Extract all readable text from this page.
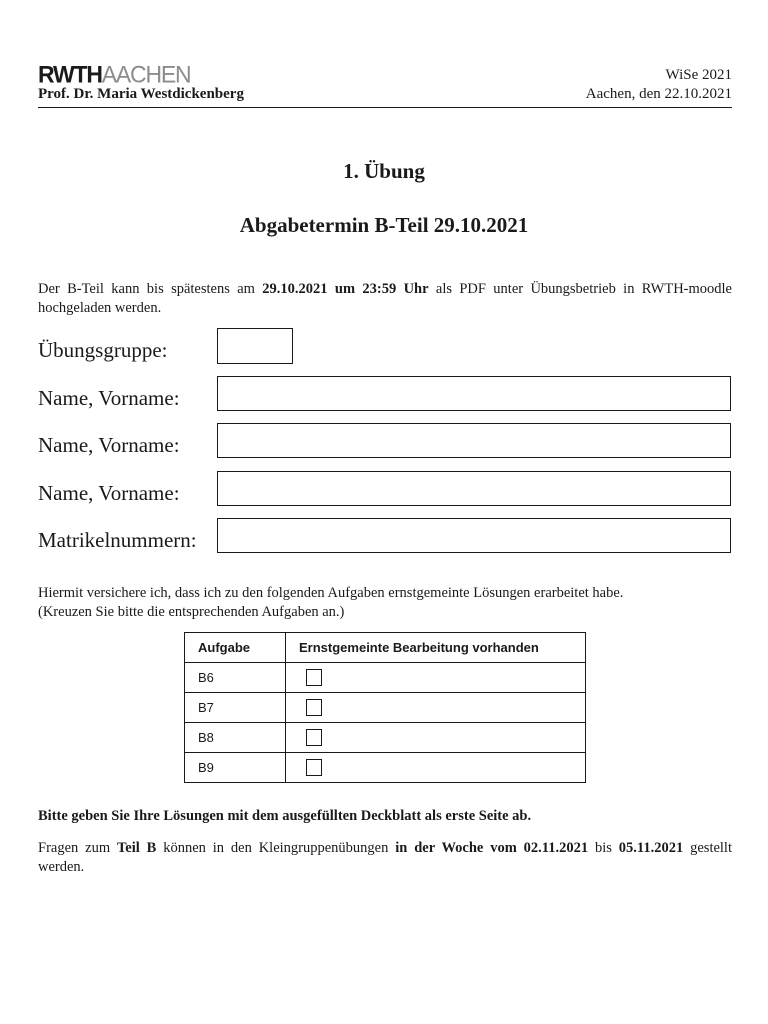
RWTHAACHEN
Prof. Dr. Maria Westdickenberg
WiSe 2021
Aachen, den 22.10.2021
1. Übung
Abgabetermin B-Teil 29.10.2021
Der B-Teil kann bis spätestens am 29.10.2021 um 23:59 Uhr als PDF unter Übungsbetrieb in RWTH-moodle hochgeladen werden.
Übungsgruppe:
Name, Vorname:
Name, Vorname:
Name, Vorname:
Matrikelnummern:
Hiermit versichere ich, dass ich zu den folgenden Aufgaben ernstgemeinte Lösungen erarbeitet habe.
(Kreuzen Sie bitte die entsprechenden Aufgaben an.)
Aufgabe	Ernstgemeinte Bearbeitung vorhanden
B6	
B7	
B8	
B9	
Bitte geben Sie Ihre Lösungen mit dem ausgefüllten Deckblatt als erste Seite ab.
Fragen zum Teil B können in den Kleingruppenübungen in der Woche vom 02.11.2021 bis 05.11.2021 gestellt werden.
